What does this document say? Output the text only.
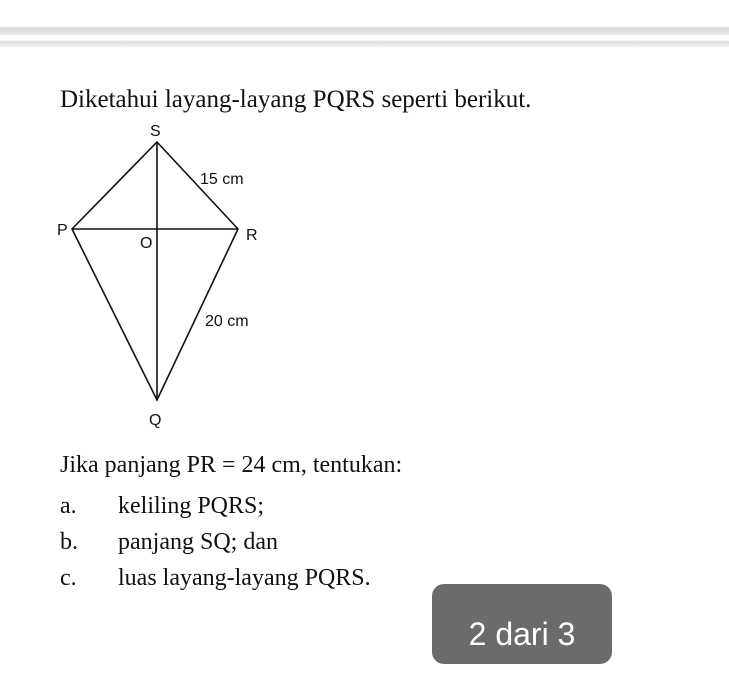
Diketahui layang-layang PQRS seperti berikut.
S
P
O	R
Q
15 cm
20 cm

Jika panjang PR = 24 cm, tentukan:

a. keliling PQRS;
b. panjang SQ; dan
c. luas layang-layang PQRS.
2 dari 3
